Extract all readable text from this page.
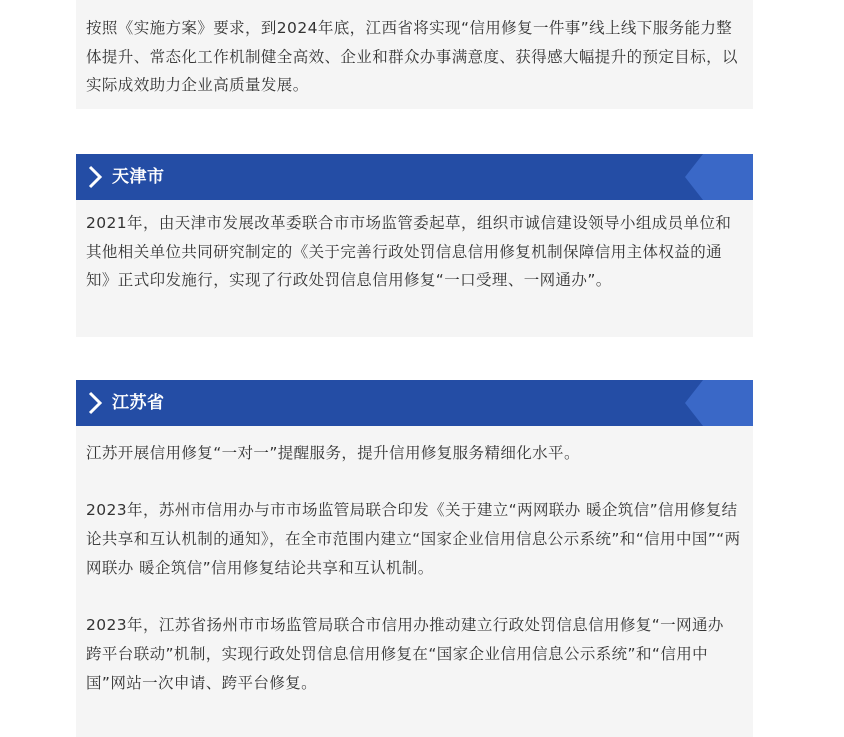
按照《实施方案》要求，到2024年底，江西省将实现“信用修复一件事”线上线下服务能力整体提升、常态化工作机制健全高效、企业和群众办事满意度、获得感大幅提升的预定目标，以实际成效助力企业高质量发展。

天津市

2021年，由天津市发展改革委联合市市场监管委起草，组织市诚信建设领导小组成员单位和其他相关单位共同研究制定的《关于完善行政处罚信息信用修复机制保障信用主体权益的通知》正式印发施行，实现了行政处罚信息信用修复“一口受理、一网通办”。

江苏省

江苏开展信用修复“一对一”提醒服务，提升信用修复服务精细化水平。

2023年，苏州市信用办与市市场监管局联合印发《关于建立“两网联办 暖企筑信”信用修复结论共享和互认机制的通知》，在全市范围内建立“国家企业信用信息公示系统”和“信用中国”“两网联办 暖企筑信”信用修复结论共享和互认机制。

2023年，江苏省扬州市市场监管局联合市信用办推动建立行政处罚信息信用修复“一网通办 跨平台联动”机制，实现行政处罚信息信用修复在“国家企业信用信息公示系统”和“信用中国”网站一次申请、跨平台修复。
